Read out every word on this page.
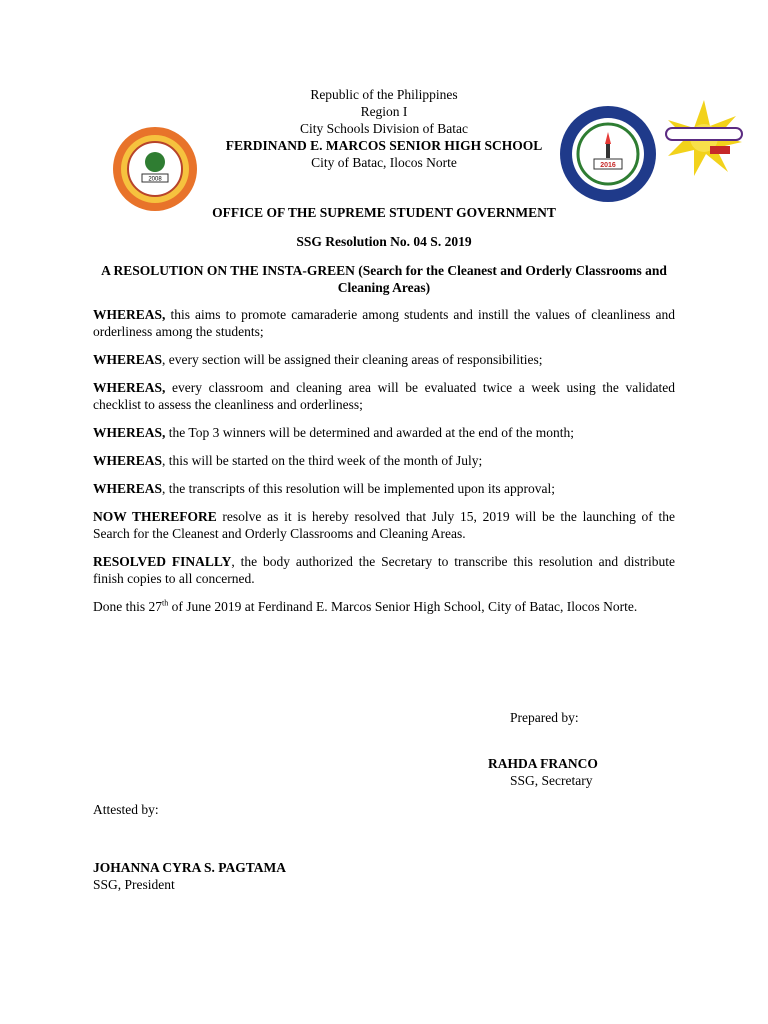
2008
Republic of the Philippines
Region I
City Schools Division of Batac
FERDINAND E. MARCOS SENIOR HIGH SCHOOL
City of Batac, Ilocos Norte	2016
OFFICE OF THE SUPREME STUDENT GOVERNMENT
SSG Resolution No. 04 S. 2019
A RESOLUTION ON THE INSTA-GREEN (Search for the Cleanest and Orderly Classrooms and Cleaning Areas)

WHEREAS, this aims to promote camaraderie among students and instill the values of cleanliness and orderliness among the students;

WHEREAS, every section will be assigned their cleaning areas of responsibilities;

WHEREAS, every classroom and cleaning area will be evaluated twice a week using the validated checklist to assess the cleanliness and orderliness;

WHEREAS, the Top 3 winners will be determined and awarded at the end of the month;

WHEREAS, this will be started on the third week of the month of July;

WHEREAS, the transcripts of this resolution will be implemented upon its approval;

NOW THEREFORE resolve as it is hereby resolved that July 15, 2019 will be the launching of the Search for the Cleanest and Orderly Classrooms and Cleaning Areas.

RESOLVED FINALLY, the body authorized the Secretary to transcribe this resolution and distribute finish copies to all concerned.

Done this 27th of June 2019 at Ferdinand E. Marcos Senior High School, City of Batac, Ilocos Norte.

Prepared by:
RAHDA FRANCO
SSG, Secretary
Attested by:
JOHANNA CYRA S. PAGTAMA
SSG, President
